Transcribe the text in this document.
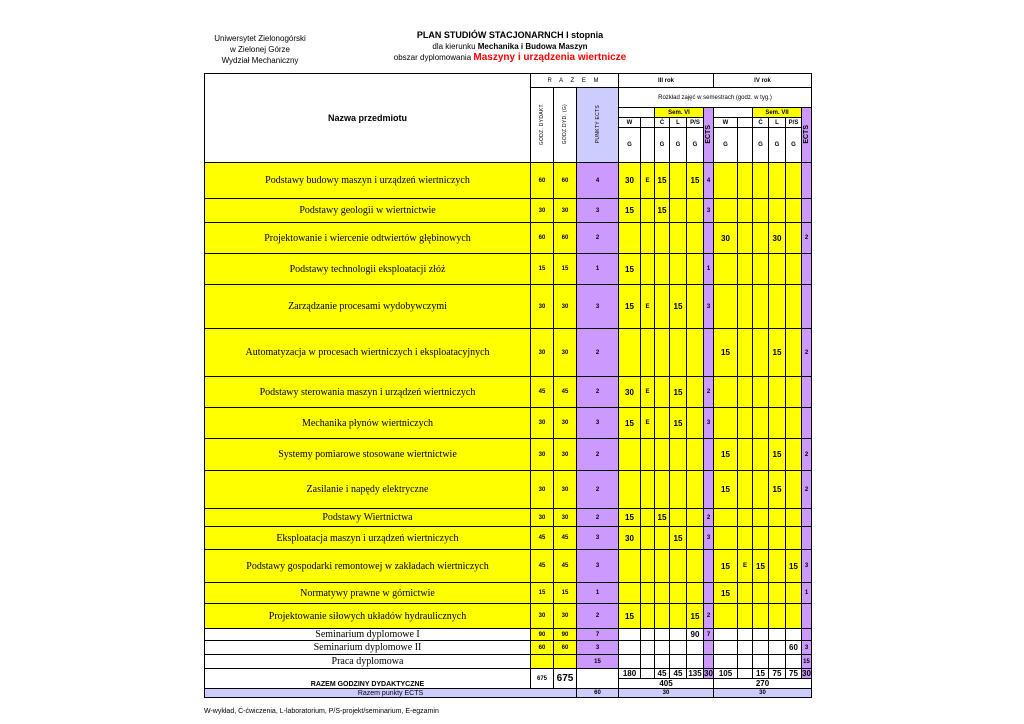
Uniwersytet Zielonogórski
w Zielonej Górze
Wydział Mechaniczny
PLAN STUDIÓW STACJONARNCH I stopnia
dla kierunku Mechanika i Budowa Maszyn
obszar dyplomowania Maszyny i urządzenia wiertnicze
Nazwa przedmiotu	R A Z E M			III rok						IV rok					
	GODZ. DYDAKT.	GODZ.DYD. (G)	PUNKTY ECTS	Rozkład zajęć w semestrach (godz. w tyg.)											
						Sem. VI			ECTS			Sem. VII			ECTS
				W		Ć	L	P/S		W		Ć	L	P/S	
				G		G	G	G		G		G	G	G	
Podstawy budowy maszyn i urządzeń wiertniczych	60	60	4	30	E	15		15	4						
Podstawy geologii w wiertnictwie	30	30	3	15		15			3						
Projektowanie i wiercenie odtwiertów głębinowych	60	60	2							30			30		2
Podstawy technologii eksploatacji złóż	15	15	1	15					1						
Zarządzanie procesami wydobywczymi	30	30	3	15	E		15		3						
Automatyzacja w procesach wiertniczych i eksploatacyjnych	30	30	2							15			15		2
Podstawy sterowania maszyn i urządzeń wiertniczych	45	45	2	30	E		15		2						
Mechanika płynów wiertniczych	30	30	3	15	E		15		3						
Systemy pomiarowe stosowane wiertnictwie	30	30	2							15			15		2
Zasilanie i napędy elektryczne	30	30	2							15			15		2
Podstawy Wiertnictwa	30	30	2	15		15			2						
Eksploatacja maszyn i urządzeń wiertniczych	45	45	3	30			15		3						
Podstawy gospodarki remontowej w zakładach wiertniczych	45	45	3							15	E	15		15	3
Normatywy prawne w górnictwie	15	15	1							15					1
Projektowanie siłowych układów hydraulicznych	30	30	2	15				15	2						
Seminarium dyplomowe I	90	90	7					90	7						
Seminarium dyplomowe II	60	60	3											60	3
Praca dyplomowa			15												15

RAZEM GODZINY DYDAKTYCZNE	675	675		180		45	45	135	30	105		15	75	75	30
				405						270					
Razem punkty ECTS			60	30						30					
W-wykład, Ć-ćwiczenia, L-laboratorium, P/S-projekt/seminarium, E-egzamin
